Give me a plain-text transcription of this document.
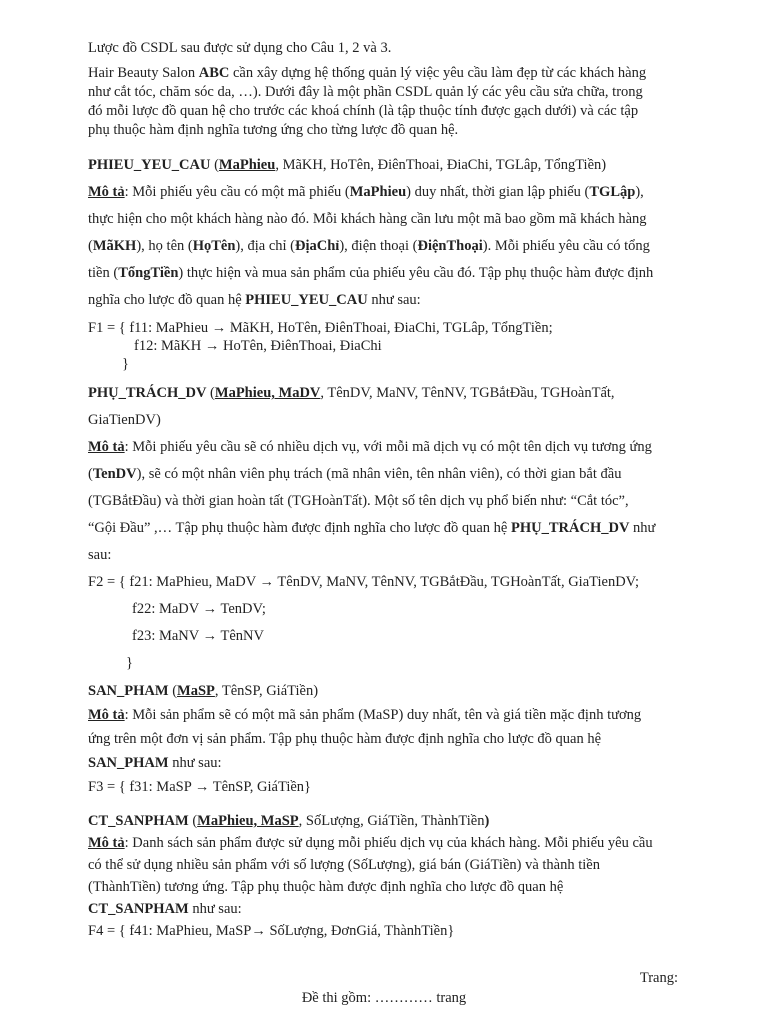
Lược đồ CSDL sau được sử dụng cho Câu 1, 2 và 3.

Hair Beauty Salon ABC cần xây dựng hệ thống quản lý việc yêu cầu làm đẹp từ các khách hàng

như cắt tóc, chăm sóc da, …). Dưới đây là một phần CSDL quản lý các yêu cầu sửa chữa, trong

đó mỗi lược đồ quan hệ cho trước các khoá chính (là tập thuộc tính được gạch dưới) và các tập

phụ thuộc hàm định nghĩa tương ứng cho từng lược đồ quan hệ.

PHIEU_YEU_CAU (MaPhieu, MãKH, HoTên, ĐiênThoai, ĐiaChi, TGLâp, TổngTiền)

Mô tả: Mỗi phiếu yêu cầu có một mã phiếu (MaPhieu) duy nhất, thời gian lập phiếu (TGLập),

thực hiện cho một khách hàng nào đó. Mỗi khách hàng cần lưu một mã bao gồm mã khách hàng

(MãKH), họ tên (HọTên), địa chỉ (ĐịaChỉ), điện thoại (ĐiệnThoại). Mỗi phiếu yêu cầu có tổng

tiền (TổngTiền) thực hiện và mua sản phẩm của phiếu yêu cầu đó. Tập phụ thuộc hàm được định

nghĩa cho lược đồ quan hệ PHIEU_YEU_CAU như sau:

F1 = { f11: MaPhieu → MãKH, HoTên, ĐiênThoai, ĐiaChi, TGLâp, TổngTiền;

f12: MãKH → HoTên, ĐiênThoai, ĐiaChi

}

PHỤ_TRÁCH_DV (MaPhieu, MaDV, TênDV, MaNV, TênNV, TGBắtĐầu, TGHoànTất,

GiaTienDV)

Mô tả: Mỗi phiếu yêu cầu sẽ có nhiều dịch vụ, với mỗi mã dịch vụ có một tên dịch vụ tương ứng

(TenDV), sẽ có một nhân viên phụ trách (mã nhân viên, tên nhân viên), có thời gian bắt đầu

(TGBắtĐầu) và thời gian hoàn tất (TGHoànTất). Một số tên dịch vụ phổ biến như: “Cắt tóc”,

“Gội Đầu” ,… Tập phụ thuộc hàm được định nghĩa cho lược đồ quan hệ PHỤ_TRÁCH_DV như

sau:

F2 = { f21: MaPhieu, MaDV → TênDV, MaNV, TênNV, TGBắtĐầu, TGHoànTất, GiaTienDV;

f22: MaDV → TenDV;

f23: MaNV → TênNV

}

SAN_PHAM (MaSP, TênSP, GiáTiền)

Mô tả: Mỗi sản phẩm sẽ có một mã sản phẩm (MaSP) duy nhất, tên và giá tiền mặc định tương

ứng trên một đơn vị sản phẩm. Tập phụ thuộc hàm được định nghĩa cho lược đồ quan hệ

SAN_PHAM như sau:

F3 = { f31: MaSP → TênSP, GiáTiền}

CT_SANPHAM (MaPhieu, MaSP, SốLượng, GiáTiền, ThànhTiền)

Mô tả: Danh sách sản phẩm được sử dụng mỗi phiếu dịch vụ của khách hàng. Mỗi phiếu yêu cầu

có thể sử dụng nhiều sản phẩm với số lượng (SốLượng), giá bán (GiáTiền) và thành tiền

(ThànhTiền) tương ứng. Tập phụ thuộc hàm được định nghĩa cho lược đồ quan hệ

CT_SANPHAM như sau:

F4 = { f41: MaPhieu, MaSP→ SốLượng, ĐơnGiá, ThànhTiền}

Trang:
Đề thi gồm: ………… trang
